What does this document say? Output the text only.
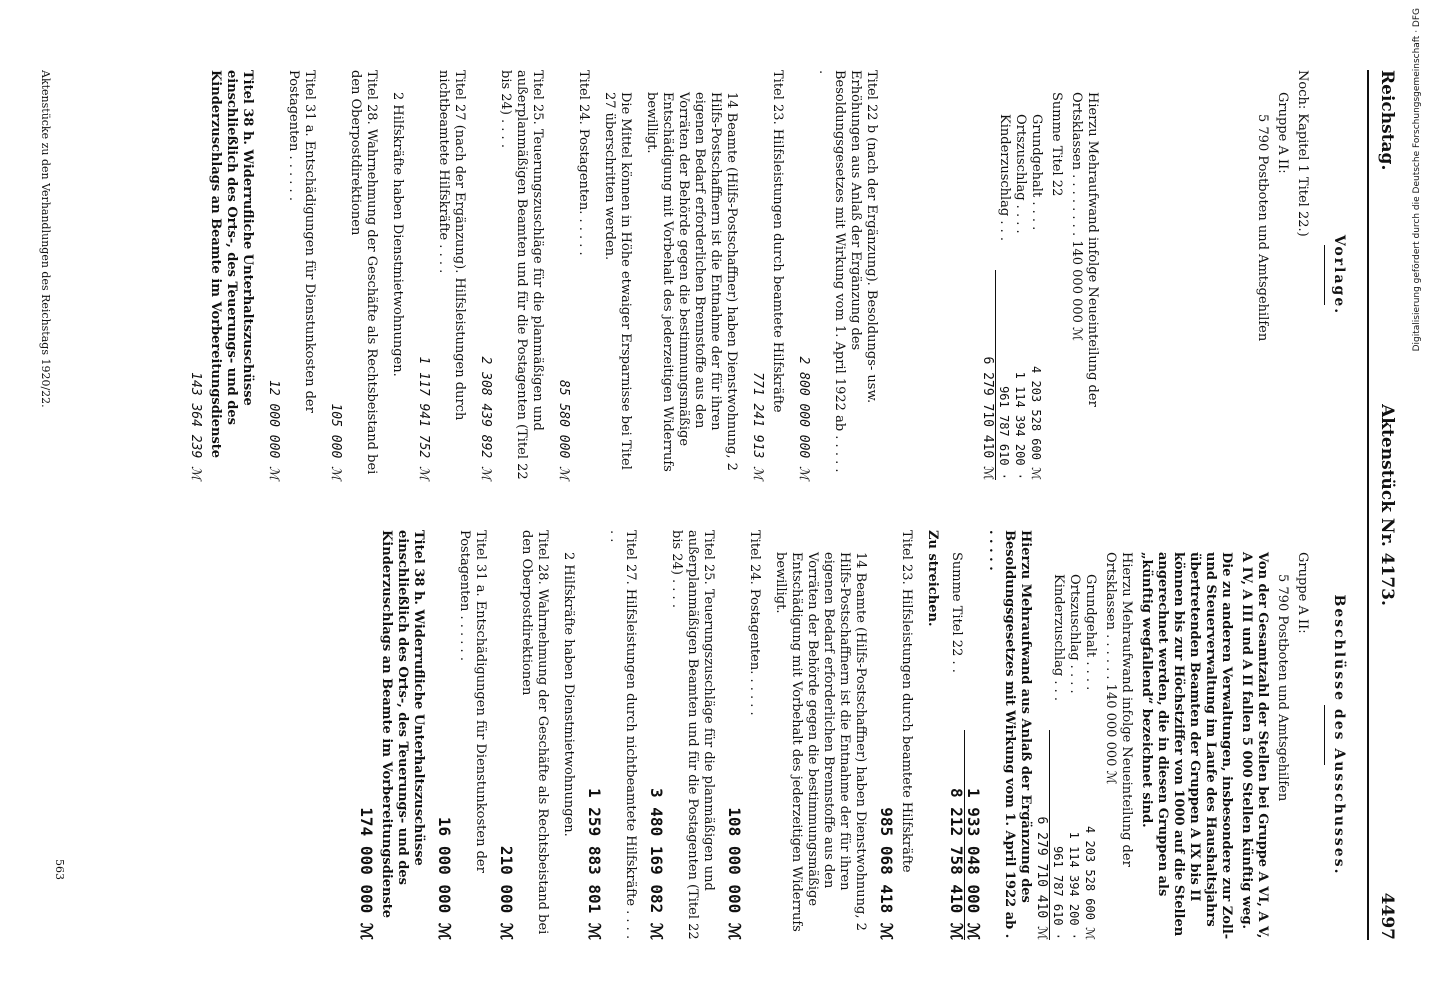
Reichstag.
Aktenstück Nr. 4173.
4497
Vorlage.

Noch: Kapitel 1 Titel 22.)

Gruppe A II:

5 790 Postboten und Amtsgehilfen

Hierzu Mehraufwand infolge Neueinteilung der Ortsklassen . . . . . . . . 140 000 000 ℳ

Summe Titel 22

Grundgehalt . . . .
4 203 528 600 ℳ
Ortszuschlag . . . .
1 114 394 200 ·
Kinderzuschlag . . .
961 787 610 ·
6 279 710 410 ℳ

Titel 22 b (nach der Ergänzung). Besoldungs- usw. Erhöhungen aus Anlaß der Ergänzung des Besoldungsgesetzes mit Wirkung vom 1. April 1922 ab . . . . . .

2 800 000 000 ℳ

Titel 23. Hilfsleistungen durch beamtete Hilfskräfte

771 241 913 ℳ

14 Beamte (Hilfs-Postschaffner) haben Dienstwohnung, 2 Hilfs-Postschaffnern ist die Entnahme der für ihren eigenen Bedarf erforderlichen Brennstoffe aus den Vorräten der Behörde gegen die bestimmungsmäßige Entschädigung mit Vorbehalt des jederzeitigen Widerrufs bewilligt.

Die Mittel können in Höhe etwaiger Ersparnisse bei Titel 27 überschritten werden.

Titel 24. Postagenten. . . . . .

85 580 000 ℳ

Titel 25. Teuerungszuschläge für die planmäßigen und außerplanmäßigen Beamten und für die Postagenten (Titel 22 bis 24) . . . .

2 308 439 892 ℳ

Titel 27 (nach der Ergänzung). Hilfsleistungen durch nichtbeamtete Hilfskräfte . . . .

1 117 941 752 ℳ

2 Hilfskräfte haben Dienstmietwohnungen.

Titel 28. Wahrnehmung der Geschäfte als Rechtsbeistand bei den Oberpostdirektionen

105 000 ℳ

Titel 31 a. Entschädigungen für Dienstunkosten der Postagenten . . . . . .

12 000 000 ℳ

Titel 38 h. Widerrufliche Unterhaltszuschüsse einschließlich des Orts-, des Teuerungs- und des Kinderzuschlags an Beamte im Vorbereitungsdienste

143 364 239 ℳ
Beschlüsse des Ausschusses.

Gruppe A II:

5 790 Postboten und Amtsgehilfen

Von der Gesamtzahl der Stellen bei Gruppe A VI, A V, A IV, A III und A II fallen 5 000 Stellen künftig weg.

Die zu anderen Verwaltungen, insbesondere zur Zoll- und Steuerverwaltung im Laufe des Haushaltsjahrs übertretenden Beamten der Gruppen A IX bis II können bis zur Höchstziffer von 1000 auf die Stellen angerechnet werden, die in diesen Gruppen als „künftig wegfallend“ bezeichnet sind.

Hierzu Mehraufwand infolge Neueinteilung der Ortsklassen . . . . . . 140 000 000 ℳ

Grundgehalt . . . .
4 203 528 600 ℳ
Ortszuschlag . . . .
1 114 394 200 ·
Kinderzuschlag . . .
961 787 610 ·
6 279 710 410 ℳ

Hierzu Mehraufwand aus Anlaß der Ergänzung des Besoldungsgesetzes mit Wirkung vom 1. April 1922 ab . . . . . .

1 933 048 000 ℳ
Summe Titel 22 . .
8 212 758 410 ℳ

Zu streichen.

Titel 23. Hilfsleistungen durch beamtete Hilfskräfte

985 068 418 ℳ

14 Beamte (Hilfs-Postschaffner) haben Dienstwohnung, 2 Hilfs-Postschaffnern ist die Entnahme der für ihren eigenen Bedarf erforderlichen Brennstoffe aus den Vorräten der Behörde gegen die bestimmungsmäßige Entschädigung mit Vorbehalt des jederzeitigen Widerrufs bewilligt.

Titel 24. Postagenten. . . . . .

108 000 000 ℳ

Titel 25. Teuerungszuschläge für die planmäßigen und außerplanmäßigen Beamten und für die Postagenten (Titel 22 bis 24) . . . .

3 480 169 082 ℳ

Titel 27. Hilfsleistungen durch nichtbeamtete Hilfskräfte . . . . . .

1 259 883 801 ℳ

2 Hilfskräfte haben Dienstmietwohnungen.

Titel 28. Wahrnehmung der Geschäfte als Rechtsbeistand bei den Oberpostdirektionen

210 000 ℳ

Titel 31 a. Entschädigungen für Dienstunkosten der Postagenten . . . . . .

16 000 000 ℳ

Titel 38 h. Widerrufliche Unterhaltszuschüsse einschließlich des Orts-, des Teuerungs- und des Kinderzuschlags an Beamte im Vorbereitungsdienste

174 000 000 ℳ
Aktenstücke zu den Verhandlungen des Reichstags 1920/22.
563
Digitalisierung gefördert durch die Deutsche Forschungsgemeinschaft · DFG
